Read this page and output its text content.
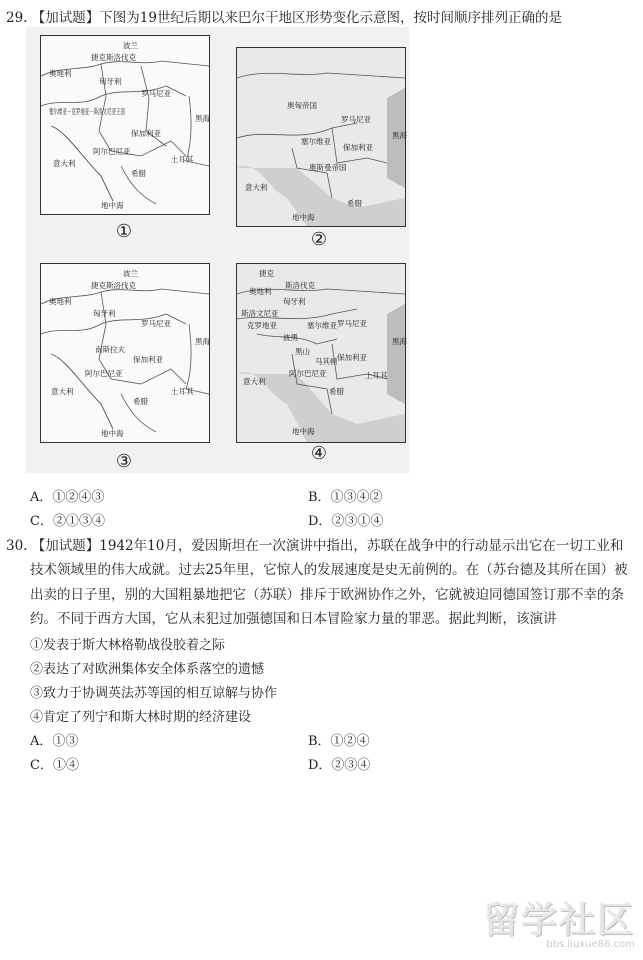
29. 【加试题】下图为19世纪后期以来巴尔干地区形势变化示意图，按时间顺序排列正确的是
波兰
捷克斯洛伐克
奥地利
匈牙利
罗马尼亚
塞尔维亚－克罗地亚－斯洛文尼亚王国
保加利亚
意大利
阿尔巴尼亚
希腊
土耳其
黑海
地中海
①
奥匈帝国
罗马尼亚
塞尔维亚
保加利亚
意大利
奥斯曼帝国
希腊
黑海
地中海
②
波兰
捷克斯洛伐克
奥地利
匈牙利
罗马尼亚
南斯拉夫
保加利亚
意大利
阿尔巴尼亚
希腊
土耳其
黑海
地中海
③
捷克
斯洛伐克
奥地利
匈牙利
斯洛文尼亚
克罗地亚
波黑
塞尔维亚 罗马尼亚
保加利亚
黑山
马其顿
意大利
阿尔巴尼亚
希腊
土耳其
黑海
地中海
④
A．①②④③	B．①③④②
C．②①③④	D．②③①④
30. 【加试题】1942年10月，爱因斯坦在一次演讲中指出，苏联在战争中的行动显示出它在一切工业和
技术领域里的伟大成就。过去25年里，它惊人的发展速度是史无前例的。在（苏台德及其所在国）被出卖的日子里，别的大国粗暴地把它（苏联）排斥于欧洲协作之外，它就被迫同德国签订那不幸的条约。不同于西方大国，它从未犯过加强德国和日本冒险家力量的罪恶。据此判断，该演讲
①发表于斯大林格勒战役胶着之际
②表达了对欧洲集体安全体系落空的遗憾
③致力于协调英法苏等国的相互谅解与协作
④肯定了列宁和斯大林时期的经济建设
A．①③	B．①②④
C．①④	D．②③④
留学社区
bbs.liuxue86.com
